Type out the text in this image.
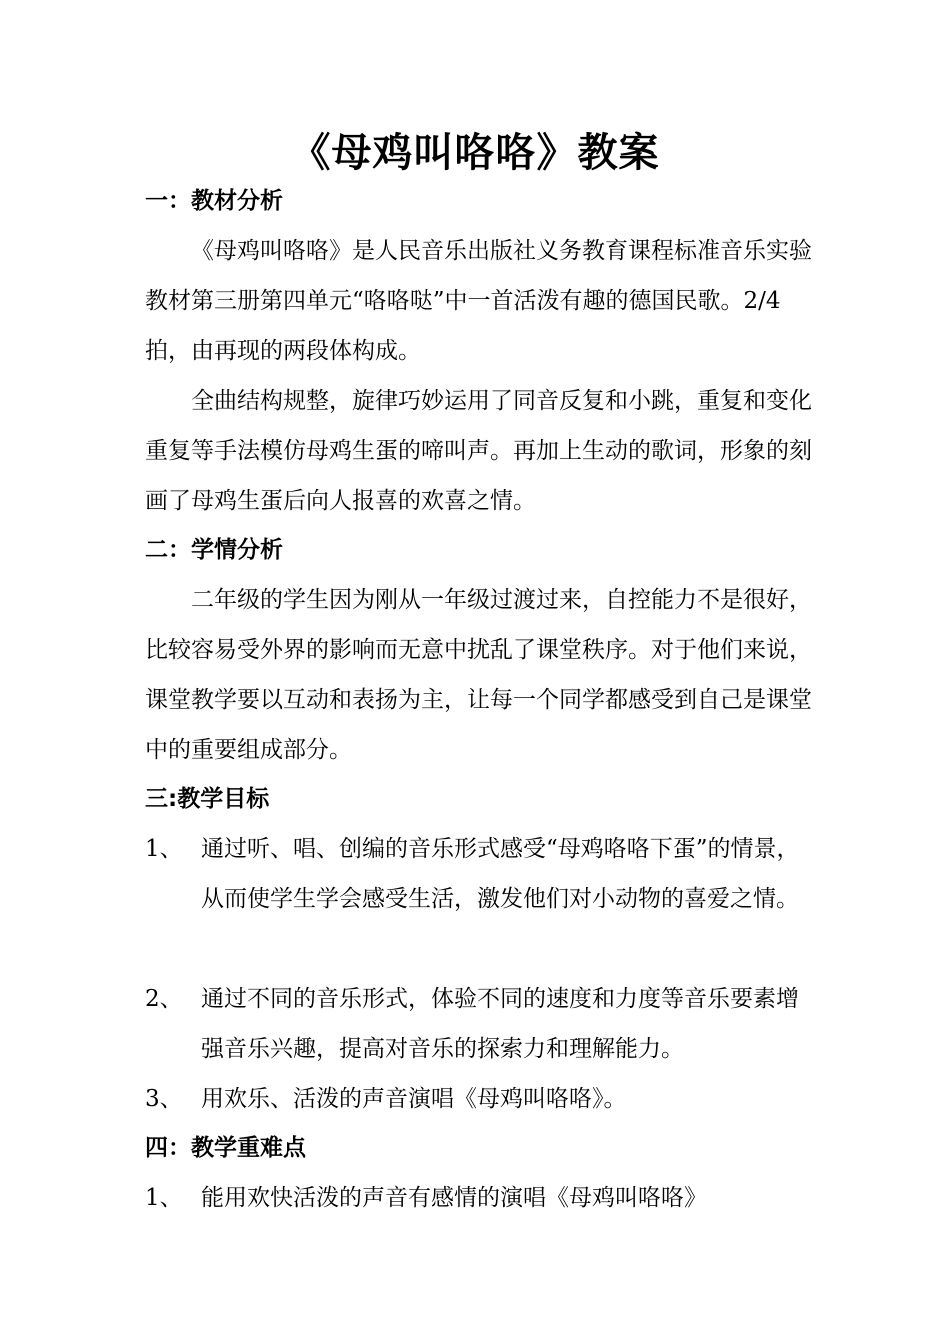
《母鸡叫咯咯》教案
一：教材分析
《母鸡叫咯咯》是人民音乐出版社义务教育课程标准音乐实验教材第三册第四单元“咯咯哒”中一首活泼有趣的德国民歌。2/4拍，由再现的两段体构成。
全曲结构规整，旋律巧妙运用了同音反复和小跳，重复和变化重复等手法模仿母鸡生蛋的啼叫声。再加上生动的歌词，形象的刻画了母鸡生蛋后向人报喜的欢喜之情。
二：学情分析
二年级的学生因为刚从一年级过渡过来，自控能力不是很好，比较容易受外界的影响而无意中扰乱了课堂秩序。对于他们来说，课堂教学要以互动和表扬为主，让每一个同学都感受到自己是课堂中的重要组成部分。
三:教学目标
1、 通过听、唱、创编的音乐形式感受“母鸡咯咯下蛋”的情景，从而使学生学会感受生活，激发他们对小动物的喜爱之情。
2、 通过不同的音乐形式，体验不同的速度和力度等音乐要素增强音乐兴趣，提高对音乐的探索力和理解能力。
3、 用欢乐、活泼的声音演唱《母鸡叫咯咯》。
四：教学重难点
1、 能用欢快活泼的声音有感情的演唱《母鸡叫咯咯》
